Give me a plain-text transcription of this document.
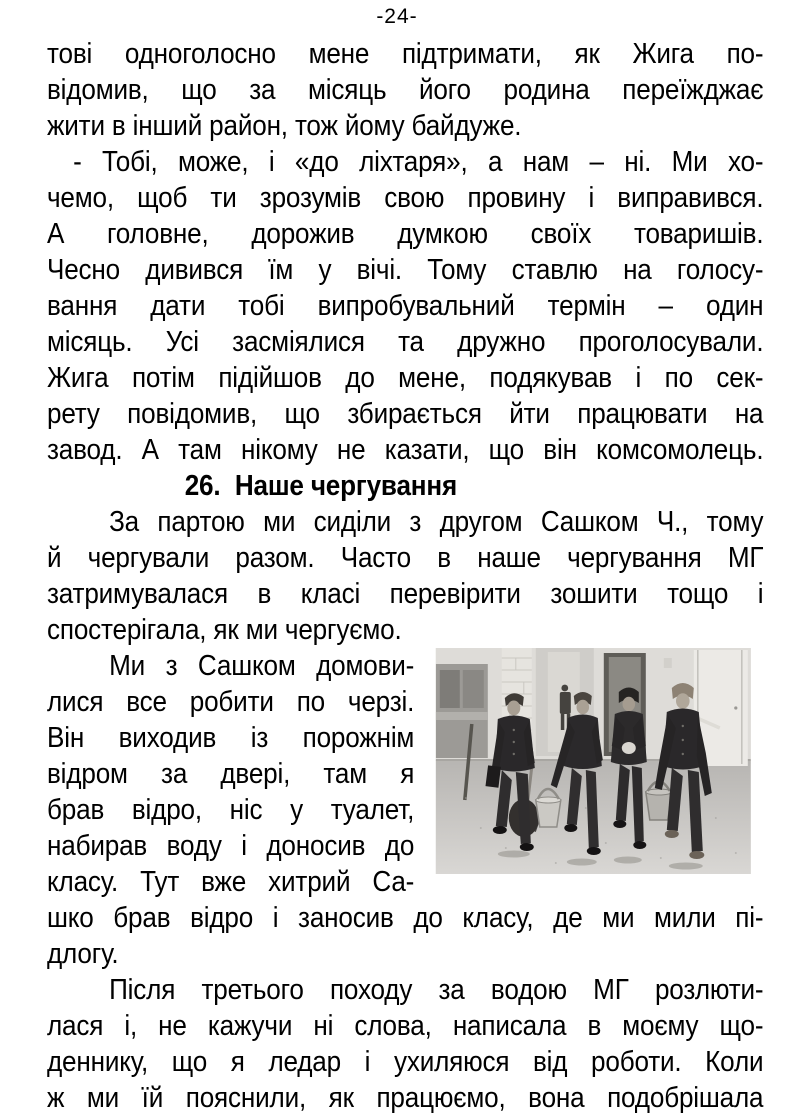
-24-
тові одноголосно мене підтримати, як Жига по-
відомив, що за місяць його родина переїжджає
жити в інший район, тож йому байдуже.
- Тобі, може, і «до ліхтаря», а нам – ні. Ми хо-
чемо, щоб ти зрозумів свою провину і виправився.
А головне, дорожив думкою своїх товаришів.
Чесно дивився їм у вічі. Тому ставлю на голосу-
вання дати тобі випробувальний термін – один
місяць. Усі засміялися та дружно проголосували.
Жига потім підійшов до мене, подякував і по сек-
рету повідомив, що збирається йти працювати на
завод. А там нікому не казати, що він комсомолець.
26. Наше чергування
За партою ми сиділи з другом Сашком Ч., тому
й чергували разом. Часто в наше чергування МГ
затримувалася в класі перевірити зошити тощо і
спостерігала, як ми чергуємо.
Ми з Сашком домови-
лися все робити по черзі.
Він виходив із порожнім
відром за двері, там я
брав відро, ніс у туалет,
набирав воду і доносив до
класу. Тут вже хитрий Са-
шко брав відро і заносив до класу, де ми мили пі-
длогу.
Після третього походу за водою МГ розлюти-
лася і, не кажучи ні слова, написала в моєму що-
деннику, що я ледар і ухиляюся від роботи. Коли
ж ми їй пояснили, як працюємо, вона подобрішала
